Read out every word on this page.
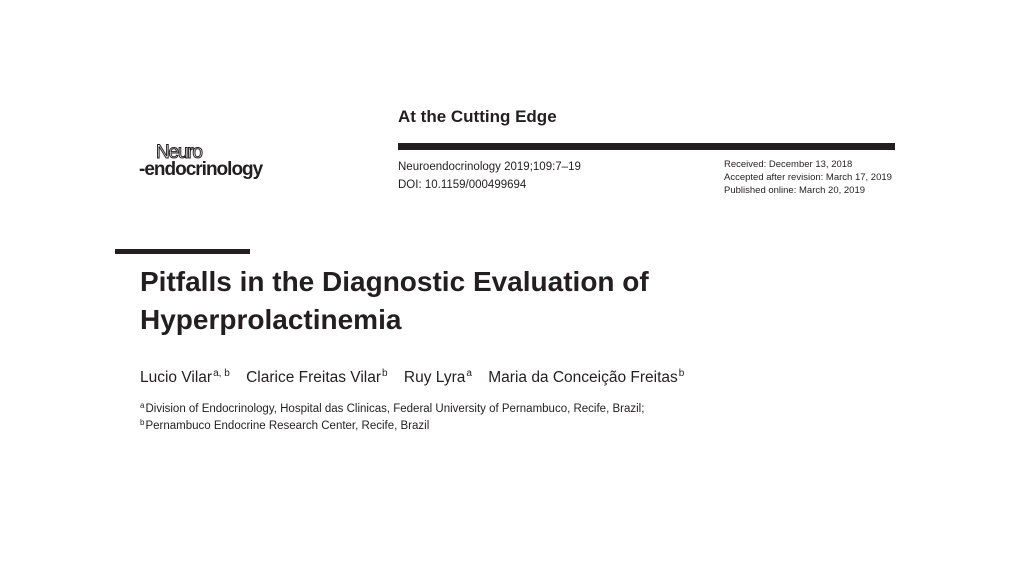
Neuro
-endocrinology
At the Cutting Edge
Neuroendocrinology 2019;109:7–19
DOI: 10.1159/000499694
Received: December 13, 2018
Accepted after revision: March 17, 2019
Published online: March 20, 2019
Pitfalls in the Diagnostic Evaluation of
Hyperprolactinemia
Lucio Vilar$^{a, b}$ Clarice Freitas Vilar$^b$ Ruy Lyra$^a$ Maria da Conceição Freitas$^b$
$^a$Division of Endocrinology, Hospital das Clinicas, Federal University of Pernambuco, Recife, Brazil;
$^b$Pernambuco Endocrine Research Center, Recife, Brazil
